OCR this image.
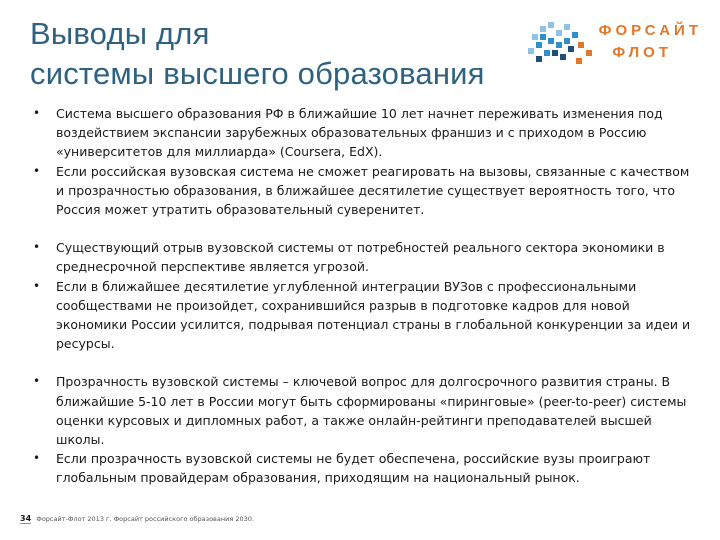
Выводы для
системы высшего образования
ФОРСАЙТ
ФЛОТ
• Система высшего образования РФ в ближайшие 10 лет начнет переживать изменения под воздействием экспансии зарубежных образовательных франшиз и с приходом в Россию «университетов для миллиарда» (Coursera, EdX).
• Если российская вузовская система не сможет реагировать на вызовы, связанные с качеством и прозрачностью образования, в ближайшее десятилетие существует вероятность того, что Россия может утратить образовательный суверенитет.
• Существующий отрыв вузовской системы от потребностей реального сектора экономики в среднесрочной перспективе является угрозой.
• Если в ближайшее десятилетие углубленной интеграции ВУЗов с профессиональными сообществами не произойдет, сохранившийся разрыв в подготовке кадров для новой экономики России усилится, подрывая потенциал страны в глобальной конкуренции за идеи и ресурсы.
• Прозрачность вузовской системы – ключевой вопрос для долгосрочного развития страны. В ближайшие 5-10 лет в России могут быть сформированы «пиринговые» (peer-to-peer) системы оценки курсовых и дипломных работ, а также онлайн-рейтинги преподавателей высшей школы.
• Если прозрачность вузовской системы не будет обеспечена, российские вузы проиграют глобальным провайдерам образования, приходящим на национальный рынок.
34 Форсайт-Флот 2013 г. Форсайт российского образования 2030.
